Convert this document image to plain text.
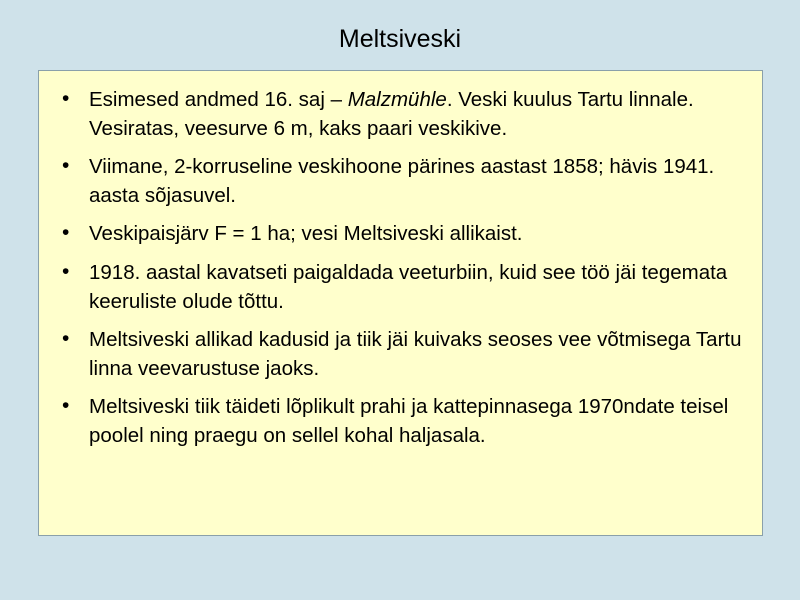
Meltsiveski
• Esimesed andmed 16. saj – Malzmühle. Veski kuulus Tartu linnale. Vesiratas, veesurve 6 m, kaks paari veskikive.
• Viimane, 2-korruseline veskihoone pärines aastast 1858; hävis 1941. aasta sõjasuvel.
• Veskipaisjärv F = 1 ha; vesi Meltsiveski allikaist.
• 1918. aastal kavatseti paigaldada veeturbiin, kuid see töö jäi tegemata keeruliste olude tõttu.
• Meltsiveski allikad kadusid ja tiik jäi kuivaks seoses vee võtmisega Tartu linna veevarustuse jaoks.
• Meltsiveski tiik täideti lõplikult prahi ja kattepinnasega 1970ndate teisel poolel ning praegu on sellel kohal haljasala.
